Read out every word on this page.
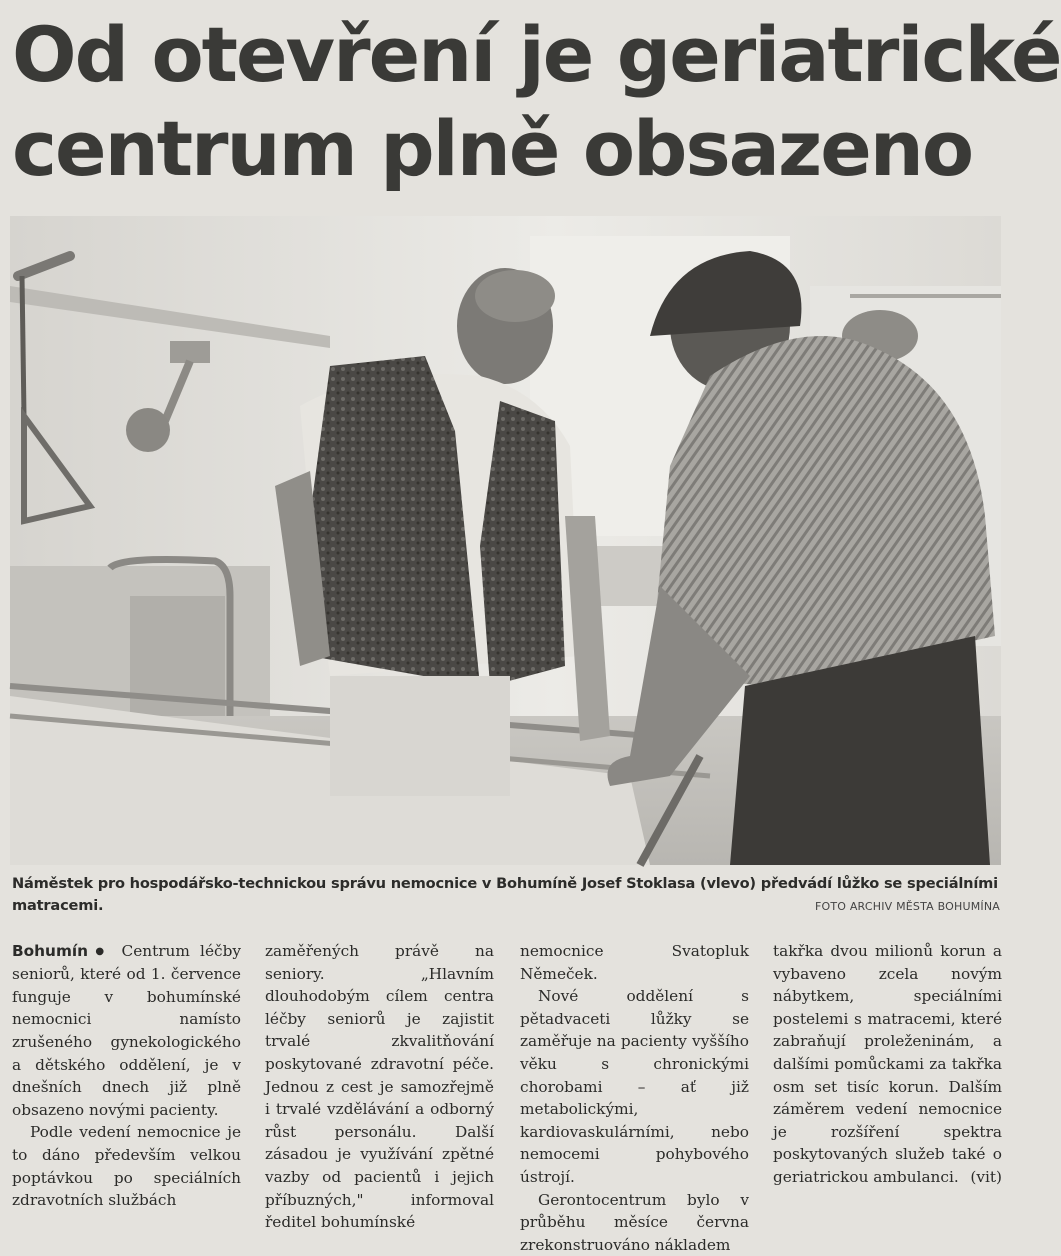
Od otevření je geriatrické
centrum plně obsazeno
Náměstek pro hospodářsko-technickou správu nemocnice v Bohumíně Josef Stoklasa (vlevo) předvádí lůžko se speciálními matracemi.	FOTO ARCHIV MĚSTA BOHUMÍNA

Bohumín ● Centrum léčby seniorů, které od 1. července funguje v bohumínské nemocnici namísto zrušeného gynekologického a dětského oddělení, je v dnešních dnech již plně obsazeno novými pacienty.

Podle vedení nemocnice je to dáno především velkou poptávkou po speciálních zdravotních službách

zaměřených právě na seniory. „Hlavním dlouhodobým cílem centra léčby seniorů je zajistit trvalé zkvalitňování poskytované zdravotní péče. Jednou z cest je samozřejmě i trvalé vzdělávání a odborný růst personálu. Další zásadou je využívání zpětné vazby od pacientů i jejich příbuzných," informoval ředitel bohumínské

nemocnice Svatopluk Němeček.

Nové oddělení s pětadvaceti lůžky se zaměřuje na pacienty vyššího věku s chronickými chorobami – ať již metabolickými, kardiovaskulárními, nebo nemocemi pohybového ústrojí.

Gerontocentrum bylo v průběhu měsíce června zrekonstruováno nákladem

takřka dvou milionů korun a vybaveno zcela novým nábytkem, speciálními postelemi s matracemi, které zabraňují proleženinám, a dalšími pomůckami za takřka osm set tisíc korun. Dalším záměrem vedení nemocnice je rozšíření spektra poskytovaných služeb také o geriatrickou ambulanci. (vit)
